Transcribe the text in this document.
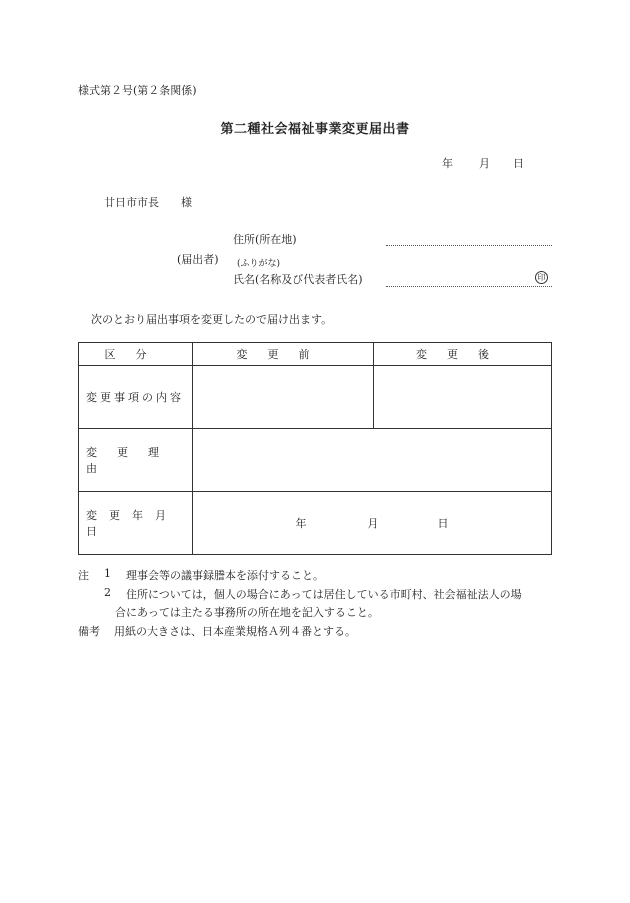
様式第２号(第２条関係)
第二種社会福祉事業変更届出書
年 月 日
廿日市市長　　様
住所(所在地)
(届出者) (ふりがな)
氏名(名称及び代表者氏名)	印
次のとおり届出事項を変更したので届け出ます。
区分	変更前	変更後
変更事項の内容		
変更理由		
変更年月日	年 月 日	
注 1 理事会等の議事録謄本を添付すること。
2 住所については，個人の場合にあっては居住している市町村、社会福祉法人の場
合にあっては主たる事務所の所在地を記入すること。
備考 用紙の大きさは、日本産業規格Ａ列４番とする。
